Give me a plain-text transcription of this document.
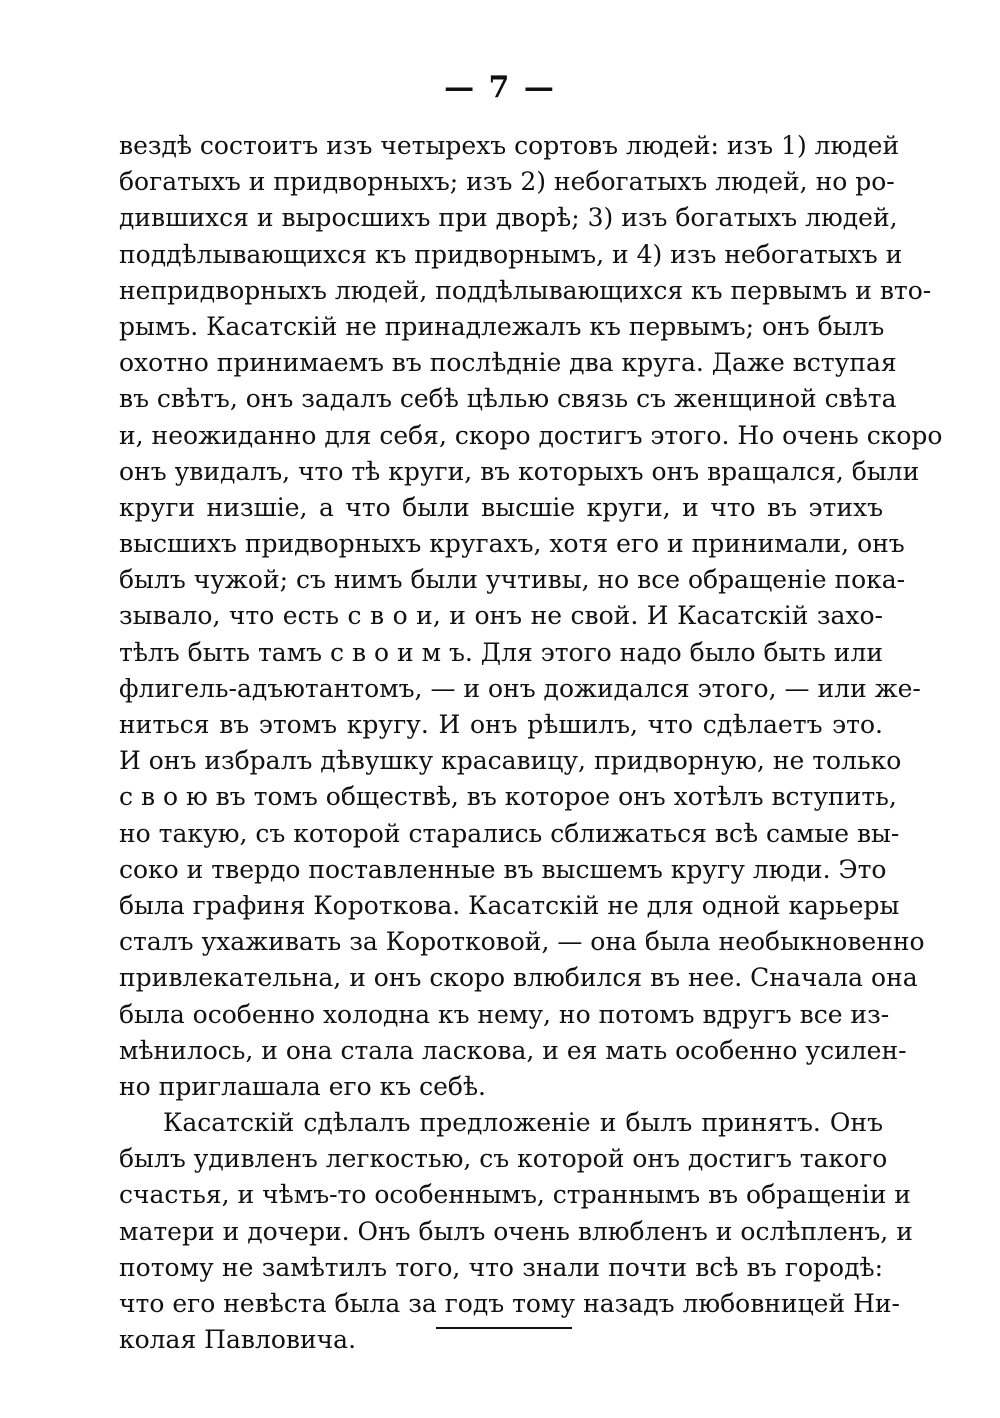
— 7 —
вездѣ состоитъ изъ четырехъ сортовъ людей: изъ 1) людей
богатыхъ и придворныхъ; изъ 2) небогатыхъ людей, но ро-
дившихся и выросшихъ при дворѣ; 3) изъ богатыхъ людей,
поддѣлывающихся къ придворнымъ, и 4) изъ небогатыхъ и
непридворныхъ людей, поддѣлывающихся къ первымъ и вто-
рымъ. Касатскій не принадлежалъ къ первымъ; онъ былъ
охотно принимаемъ въ послѣдніе два круга. Даже вступая
въ свѣтъ, онъ задалъ себѣ цѣлью связь съ женщиной свѣта
и, неожиданно для себя, скоро достигъ этого. Но очень скоро
онъ увидалъ, что тѣ круги, въ которыхъ онъ вращался, были
круги низшіе, а что были высшіе круги, и что въ этихъ
высшихъ придворныхъ кругахъ, хотя его и принимали, онъ
былъ чужой; съ нимъ были учтивы, но все обращеніе пока-
зывало, что есть с в о и, и онъ не свой. И Касатскій захо-
тѣлъ быть тамъ с в о и м ъ. Для этого надо было быть или
флигель-адъютантомъ, — и онъ дожидался этого, — или же-
ниться въ этомъ кругу. И онъ рѣшилъ, что сдѣлаетъ это.
И онъ избралъ дѣвушку красавицу, придворную, не только
с в о ю въ томъ обществѣ, въ которое онъ хотѣлъ вступить,
но такую, съ которой старались сближаться всѣ самые вы-
соко и твердо поставленные въ высшемъ кругу люди. Это
была графиня Короткова. Касатскій не для одной карьеры
сталъ ухаживать за Коротковой, — она была необыкновенно
привлекательна, и онъ скоро влюбился въ нее. Сначала она
была особенно холодна къ нему, но потомъ вдругъ все из-
мѣнилось, и она стала ласкова, и ея мать особенно усилен-
но приглашала его къ себѣ.
Касатскій сдѣлалъ предложеніе и былъ принятъ. Онъ
былъ удивленъ легкостью, съ которой онъ достигъ такого
счастья, и чѣмъ-то особеннымъ, страннымъ въ обращеніи и
матери и дочери. Онъ былъ очень влюбленъ и ослѣпленъ, и
потому не замѣтилъ того, что знали почти всѣ въ городѣ:
что его невѣста была за годъ тому назадъ любовницей Ни-
колая Павловича.
